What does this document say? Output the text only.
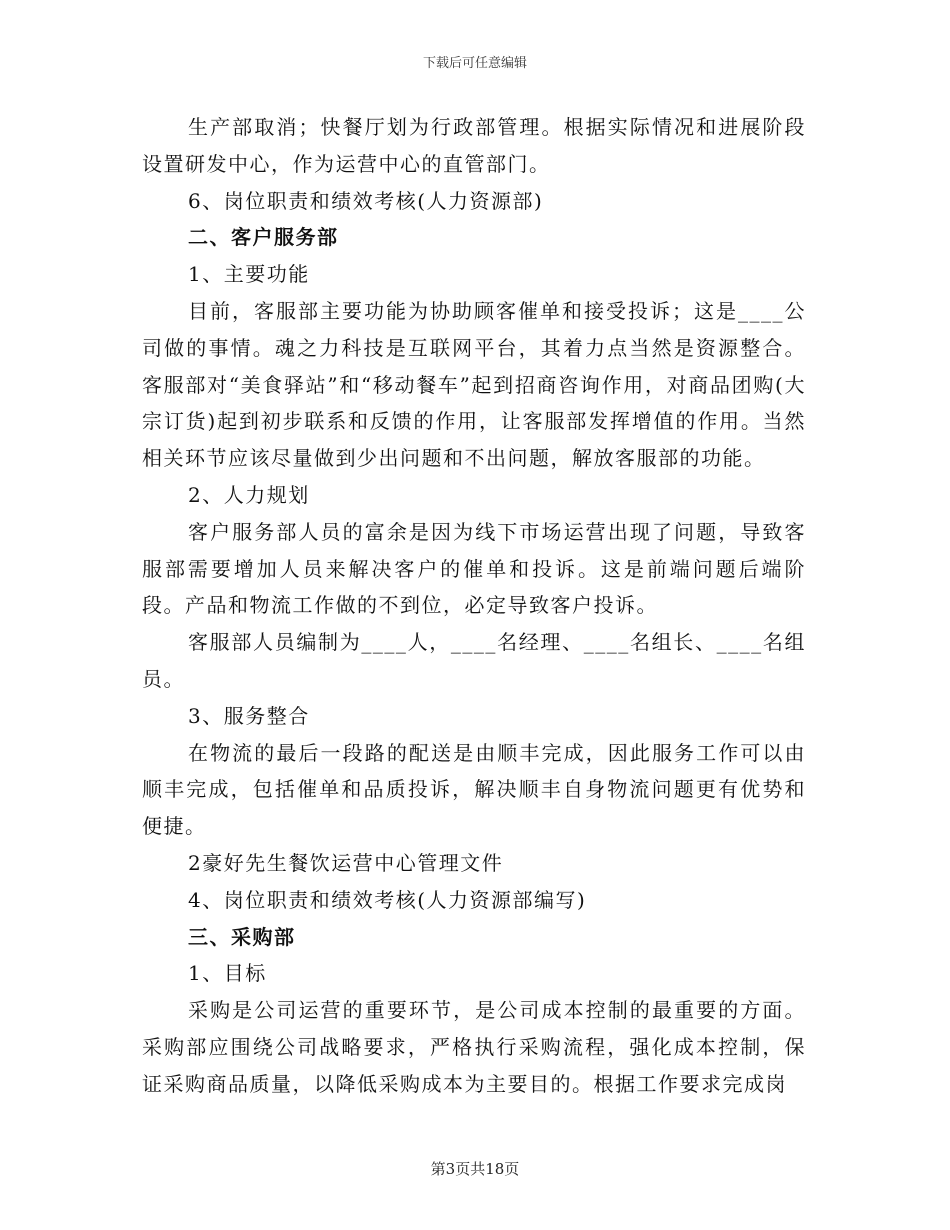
下载后可任意编辑

生产部取消；快餐厅划为行政部管理。根据实际情况和进展阶段设置研发中心，作为运营中心的直管部门。

6、岗位职责和绩效考核(人力资源部)

二、客户服务部

1、主要功能

目前，客服部主要功能为协助顾客催单和接受投诉；这是____公司做的事情。魂之力科技是互联网平台，其着力点当然是资源整合。客服部对“美食驿站”和“移动餐车”起到招商咨询作用，对商品团购(大宗订货)起到初步联系和反馈的作用，让客服部发挥增值的作用。当然相关环节应该尽量做到少出问题和不出问题，解放客服部的功能。

2、人力规划

客户服务部人员的富余是因为线下市场运营出现了问题，导致客服部需要增加人员来解决客户的催单和投诉。这是前端问题后端阶段。产品和物流工作做的不到位，必定导致客户投诉。

客服部人员编制为____人，____名经理、____名组长、____名组员。

3、服务整合

在物流的最后一段路的配送是由顺丰完成，因此服务工作可以由顺丰完成，包括催单和品质投诉，解决顺丰自身物流问题更有优势和便捷。

2豪好先生餐饮运营中心管理文件

4、岗位职责和绩效考核(人力资源部编写)

三、采购部

1、目标

采购是公司运营的重要环节，是公司成本控制的最重要的方面。采购部应围绕公司战略要求，严格执行采购流程，强化成本控制，保证采购商品质量，以降低采购成本为主要目的。根据工作要求完成岗

第3页共18页
